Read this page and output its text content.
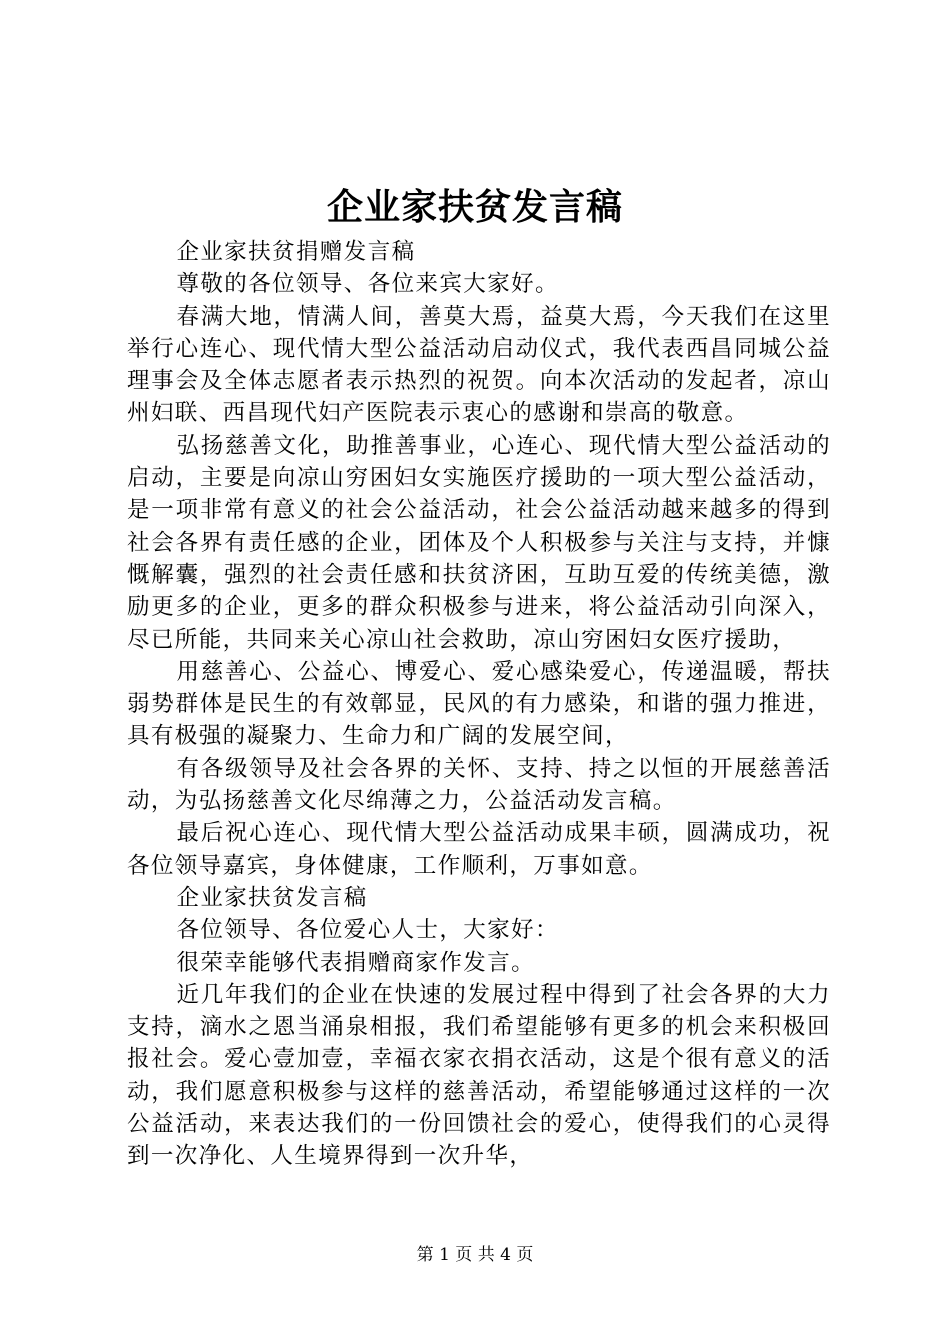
企业家扶贫发言稿

企业家扶贫捐赠发言稿

尊敬的各位领导、各位来宾大家好。

春满大地，情满人间，善莫大焉，益莫大焉，今天我们在这里举行心连心、现代情大型公益活动启动仪式，我代表西昌同城公益理事会及全体志愿者表示热烈的祝贺。向本次活动的发起者，凉山州妇联、西昌现代妇产医院表示衷心的感谢和崇高的敬意。

弘扬慈善文化，助推善事业，心连心、现代情大型公益活动的启动，主要是向凉山穷困妇女实施医疗援助的一项大型公益活动，是一项非常有意义的社会公益活动，社会公益活动越来越多的得到社会各界有责任感的企业，团体及个人积极参与关注与支持，并慷慨解囊，强烈的社会责任感和扶贫济困，互助互爱的传统美德，激励更多的企业，更多的群众积极参与进来，将公益活动引向深入，尽已所能，共同来关心凉山社会救助，凉山穷困妇女医疗援助，

用慈善心、公益心、博爱心、爱心感染爱心，传递温暖，帮扶弱势群体是民生的有效鄣显，民风的有力感染，和谐的强力推进，具有极强的凝聚力、生命力和广阔的发展空间，

有各级领导及社会各界的关怀、支持、持之以恒的开展慈善活动，为弘扬慈善文化尽绵薄之力，公益活动发言稿。

最后祝心连心、现代情大型公益活动成果丰硕，圆满成功，祝各位领导嘉宾，身体健康，工作顺利，万事如意。

企业家扶贫发言稿

各位领导、各位爱心人士，大家好：

很荣幸能够代表捐赠商家作发言。

近几年我们的企业在快速的发展过程中得到了社会各界的大力支持，滴水之恩当涌泉相报，我们希望能够有更多的机会来积极回报社会。爱心壹加壹，幸福衣家衣捐衣活动，这是个很有意义的活动，我们愿意积极参与这样的慈善活动，希望能够通过这样的一次公益活动，来表达我们的一份回馈社会的爱心，使得我们的心灵得到一次净化、人生境界得到一次升华，

第 1 页 共 4 页
